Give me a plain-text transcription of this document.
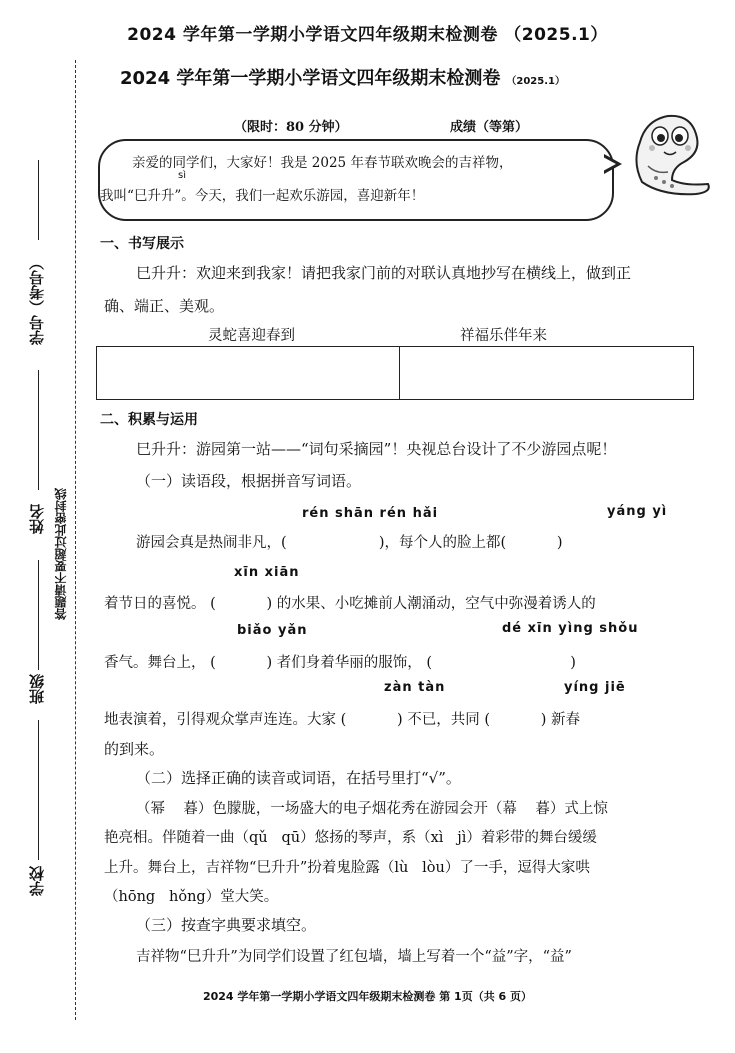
2024 学年第一学期小学语文四年级期末检测卷 （2025.1）
2024 学年第一学期小学语文四年级期末检测卷 （2025.1）
（限时：80 分钟）	成绩（等第）
亲爱的同学们，大家好！我是 2025 年春节联欢晚会的吉祥物，
sì
我叫“巳升升”。今天，我们一起欢乐游园，喜迎新年！
学号（考号）
姓名
班级
学校
答题请不要超过此密封线
一、书写展示
巳升升：欢迎来到我家！请把我家门前的对联认真地抄写在横线上，做到正
确、端正、美观。
灵蛇喜迎春到	祥福乐伴年来
二、积累与运用
巳升升：游园第一站——“词句采摘园”！央视总台设计了不少游园点呢！
（一）读语段，根据拼音写词语。
rén shān rén hǎi	yáng yì
游园会真是热闹非凡，(                    )，每个人的脸上都(           )
xīn xiān
着节日的喜悦。 (           ) 的水果、小吃摊前人潮涌动，空气中弥漫着诱人的
biǎo yǎn	dé xīn yìng shǒu
香气。舞台上， (           ) 者们身着华丽的服饰， (                              )
zàn tàn	yíng jiē
地表演着，引得观众掌声连连。大家 (           ) 不已，共同 (           ) 新春
的到来。
（二）选择正确的读音或词语，在括号里打“√”。
（幂    暮）色朦胧，一场盛大的电子烟花秀在游园会开（幕    暮）式上惊
艳亮相。伴随着一曲（qǔ   qū）悠扬的琴声，系（xì   jì）着彩带的舞台缓缓
上升。舞台上，吉祥物“巳升升”扮着鬼脸露（lù   lòu）了一手，逗得大家哄
（hōng   hǒng）堂大笑。
（三）按查字典要求填空。
吉祥物“巳升升”为同学们设置了红包墙，墙上写着一个“益”字，“益”
2024 学年第一学期小学语文四年级期末检测卷 第 1页（共 6 页）
